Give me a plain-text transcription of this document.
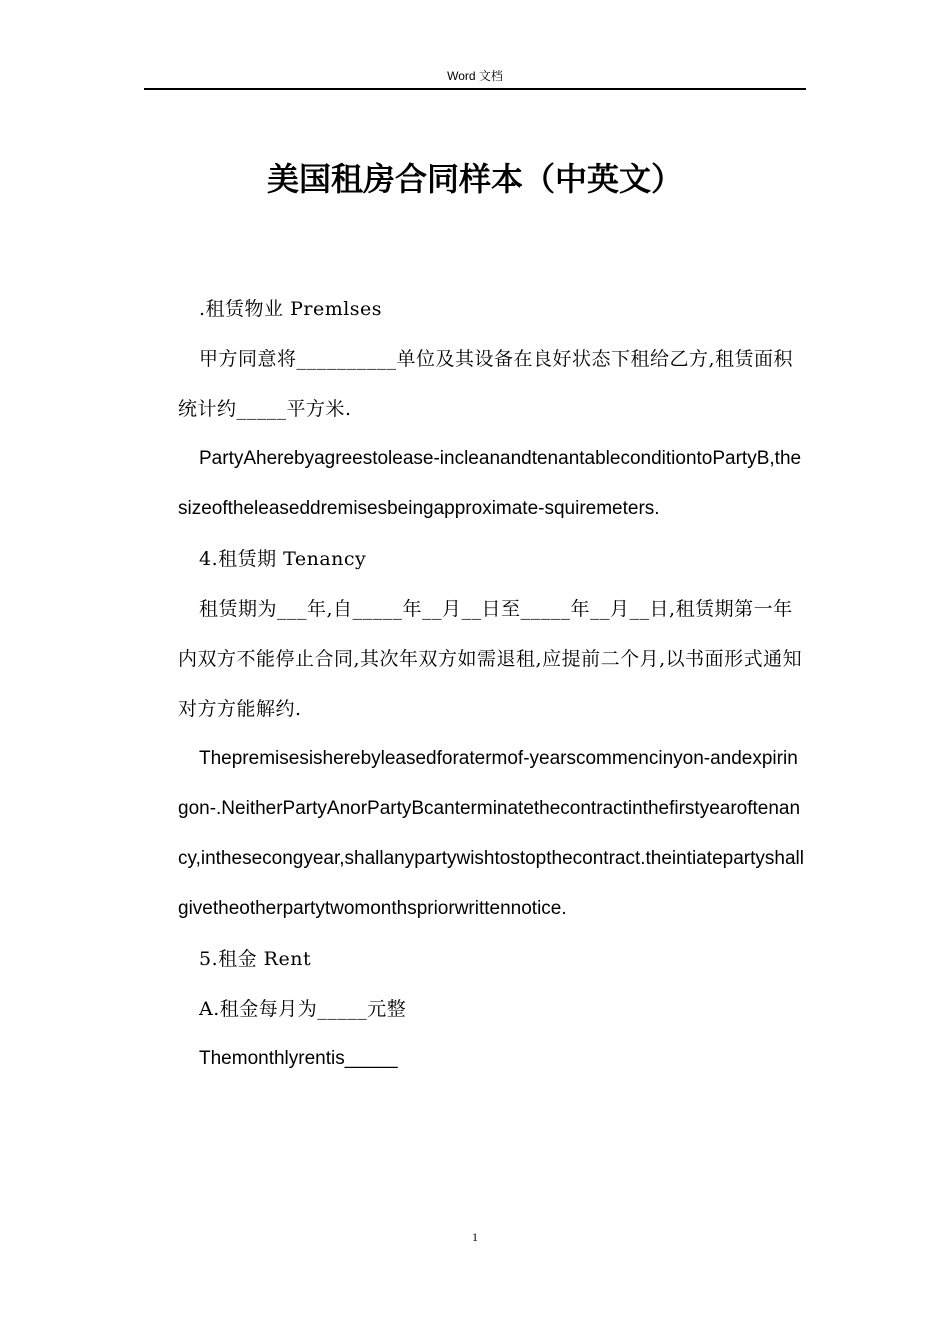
Word 文档
美国租房合同样本（中英文）

.租赁物业 Premlses

甲方同意将__________单位及其设备在良好状态下租给乙方,租赁面积统计约_____平方米.

PartyAherebyagreestolease-incleanandtenantableconditiontoPartyB,thesizeoftheleaseddremisesbeingapproximate-squiremeters.

4.租赁期 Tenancy

租赁期为___年,自_____年__月__日至_____年__月__日,租赁期第一年内双方不能停止合同,其次年双方如需退租,应提前二个月,以书面形式通知对方方能解约.

Thepremisesisherebyleasedforatermof-yearscommencinyon-andexpiringon-.NeitherPartyAnorPartyBcanterminatethecontractinthefirstyearoftenancy,inthesecongyear,shallanypartywishtostopthecontract.theintiatepartyshallgivetheotherpartytwomonthspriorwrittennotice.

5.租金 Rent

A.租金每月为_____元整

Themonthlyrentis_____

1
